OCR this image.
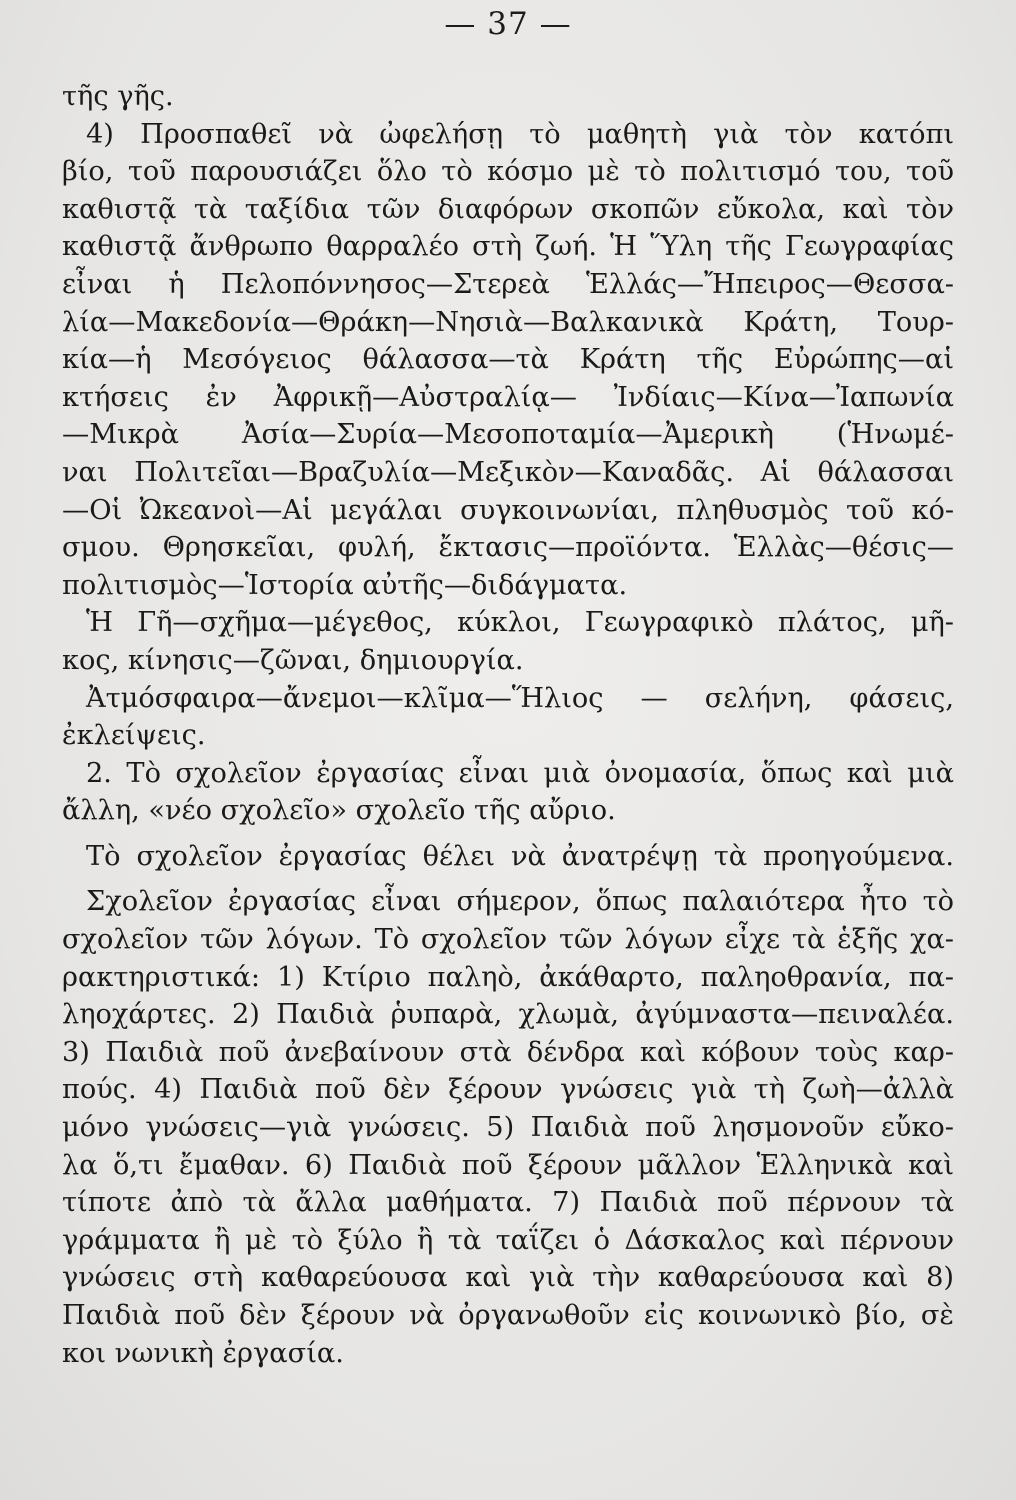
— 37 —
τῆς γῆς.
4) Προσπαθεῖ νὰ ὠφελήσῃ τὸ μαθητὴ γιὰ τὸν κατόπι
βίο, τοῦ παρουσιάζει ὅλο τὸ κόσμο μὲ τὸ πολιτισμό του, τοῦ
καθιστᾷ τὰ ταξίδια τῶν διαφόρων σκοπῶν εὔκολα, καὶ τὸν
καθιστᾷ ἄνθρωπο θαρραλέο στὴ ζωή. Ἡ Ὕλη τῆς Γεωγραφίας
εἶναι ἡ Πελοπόννησος—Στερεὰ Ἑλλάς—Ἤπειρος—Θεσσα-
λία—Μακεδονία—Θράκη—Νησιὰ—Βαλκανικὰ Κράτη, Τουρ-
κία—ἡ Μεσόγειος θάλασσα—τὰ Κράτη τῆς Εὐρώπης—αἱ
κτήσεις ἐν Ἀφρικῇ—Αὐστραλίᾳ— Ἰνδίαις—Κίνα—Ἰαπωνία
—Μικρὰ Ἀσία—Συρία—Μεσοποταμία—Ἀμερικὴ (Ἡνωμέ-
ναι Πολιτεῖαι—Βραζυλία—Μεξικὸν—Καναδᾶς. Αἱ θάλασσαι
—Οἱ Ὠκεανοὶ—Αἱ μεγάλαι συγκοινωνίαι, πληθυσμὸς τοῦ κό-
σμου. Θρησκεῖαι, φυλή, ἔκτασις—προϊόντα. Ἑλλὰς—θέσις—
πολιτισμὸς—Ἱστορία αὐτῆς—διδάγματα.
Ἡ Γῆ—σχῆμα—μέγεθος, κύκλοι, Γεωγραφικὸ πλάτος, μῆ-
κος, κίνησις—ζῶναι, δημιουργία.
Ἀτμόσφαιρα—ἄνεμοι—κλῖμα—Ἥλιος — σελήνη, φάσεις,
ἐκλείψεις.
2. Τὸ σχολεῖον ἐργασίας εἶναι μιὰ ὀνομασία, ὅπως καὶ μιὰ
ἄλλη, «νέο σχολεῖο» σχολεῖο τῆς αὔριο.
Τὸ σχολεῖον ἐργασίας θέλει νὰ ἀνατρέψῃ τὰ προηγούμενα.
Σχολεῖον ἐργασίας εἶναι σήμερον, ὅπως παλαιότερα ἦτο τὸ
σχολεῖον τῶν λόγων. Τὸ σχολεῖον τῶν λόγων εἶχε τὰ ἑξῆς χα-
ρακτηριστικά: 1) Κτίριο παληὸ, ἀκάθαρτο, παληοθρανία, πα-
ληοχάρτες. 2) Παιδιὰ ῥυπαρὰ, χλωμὰ, ἀγύμναστα—πειναλέα.
3) Παιδιὰ ποῦ ἀνεβαίνουν στὰ δένδρα καὶ κόβουν τοὺς καρ-
πούς. 4) Παιδιὰ ποῦ δὲν ξέρουν γνώσεις γιὰ τὴ ζωὴ—ἀλλὰ
μόνο γνώσεις—γιὰ γνώσεις. 5) Παιδιὰ ποῦ λησμονοῦν εὔκο-
λα ὅ,τι ἔμαθαν. 6) Παιδιὰ ποῦ ξέρουν μᾶλλον Ἑλληνικὰ καὶ
τίποτε ἀπὸ τὰ ἄλλα μαθήματα. 7) Παιδιὰ ποῦ πέρνουν τὰ
γράμματα ἢ μὲ τὸ ξύλο ἢ τὰ ταΐζει ὁ Δάσκαλος καὶ πέρνουν
γνώσεις στὴ καθαρεύουσα καὶ γιὰ τὴν καθαρεύουσα καὶ 8)
Παιδιὰ ποῦ δὲν ξέρουν νὰ ὀργανωθοῦν εἰς κοινωνικὸ βίο, σὲ
κοι νωνικὴ ἐργασία.
